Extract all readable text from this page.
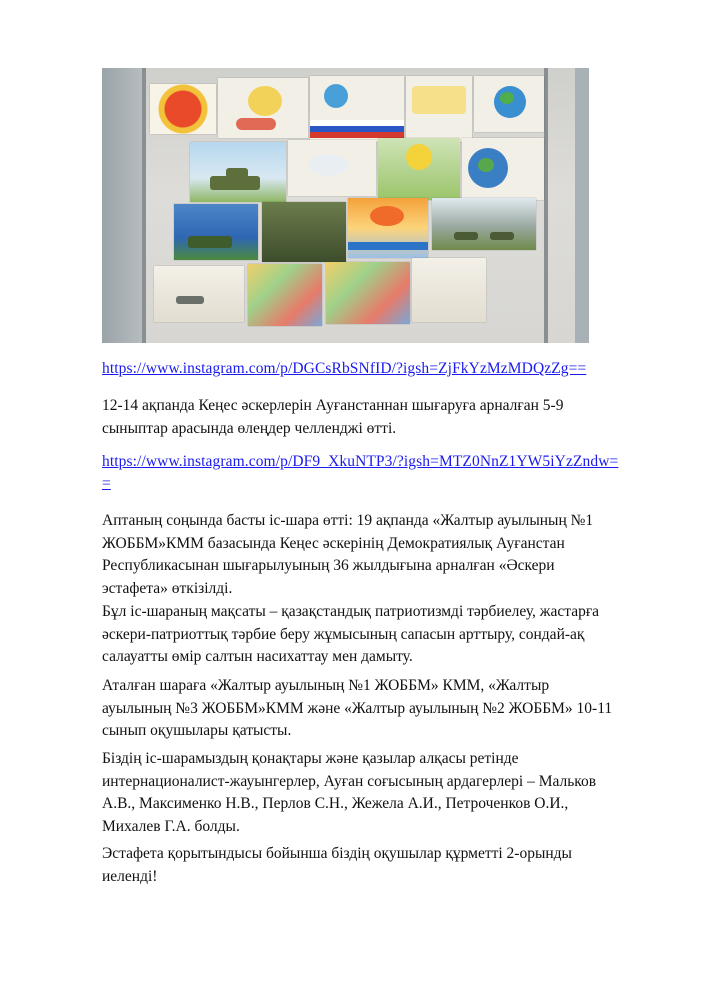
https://www.instagram.com/p/DGCsRbSNfID/?igsh=ZjFkYzMzMDQzZg==

12-14 ақпанда Кеңес әскерлерін Ауғанстаннан шығаруға арналған 5-9
сыныптар арасында өлеңдер челленджі өтті.

https://www.instagram.com/p/DF9_XkuNTP3/?igsh=MTZ0NnZ1YW5iYzZndw=
=

Аптаның соңында басты іс-шара өтті: 19 ақпанда «Жалтыр ауылының №1
ЖОББМ»КММ базасында Кеңес әскерінің Демократиялық Ауғанстан
Республикасынан шығарылуының 36 жылдығына арналған «Әскери
эстафета» өткізілді.

Бұл іс-шараның мақсаты – қазақстандық патриотизмді тәрбиелеу, жастарға
әскери-патриоттық тәрбие беру жұмысының сапасын арттыру, сондай-ақ
салауатты өмір салтын насихаттау мен дамыту.

Аталған шараға «Жалтыр ауылының №1 ЖОББМ» КММ, «Жалтыр
ауылының №3 ЖОББМ»КММ және «Жалтыр ауылының №2 ЖОББМ» 10-11
сынып оқушылары қатысты.

Біздің іс-шарамыздың қонақтары және қазылар алқасы ретінде
интернационалист-жауынгерлер, Ауған соғысының ардагерлері – Мальков
А.В., Максименко Н.В., Перлов С.Н., Жежела А.И., Петроченков О.И.,
Михалев Г.А. болды.

Эстафета қорытындысы бойынша біздің оқушылар құрметті 2-орынды
иеленді!
